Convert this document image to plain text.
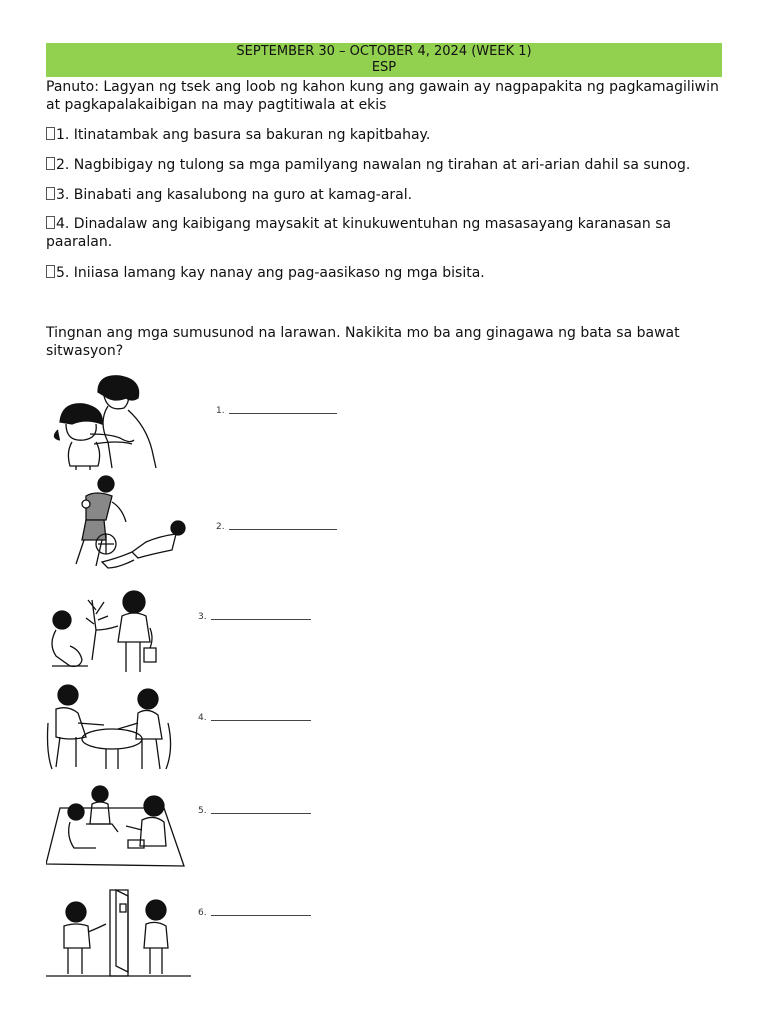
SEPTEMBER 30 – OCTOBER 4, 2024 (WEEK 1)
ESP
Panuto: Lagyan ng tsek ang loob ng kahon kung ang gawain ay nagpapakita ng pagkamagiliwin at pagkapalakaibigan na may pagtitiwala at ekis
1. Itinatambak ang basura sa bakuran ng kapitbahay.
2. Nagbibigay ng tulong sa mga pamilyang nawalan ng tirahan at ari-arian dahil sa sunog.
3. Binabati ang kasalubong na guro at kamag-aral.
4. Dinadalaw ang kaibigang maysakit at kinukuwentuhan ng masasayang karanasan sa paaralan.
5. Iniiasa lamang kay nanay ang pag-aasikaso ng mga bisita.
Tingnan ang mga sumusunod na larawan. Nakikita mo ba ang ginagawa ng bata sa bawat sitwasyon?
1.
2.
3.
4.
5.
6.
